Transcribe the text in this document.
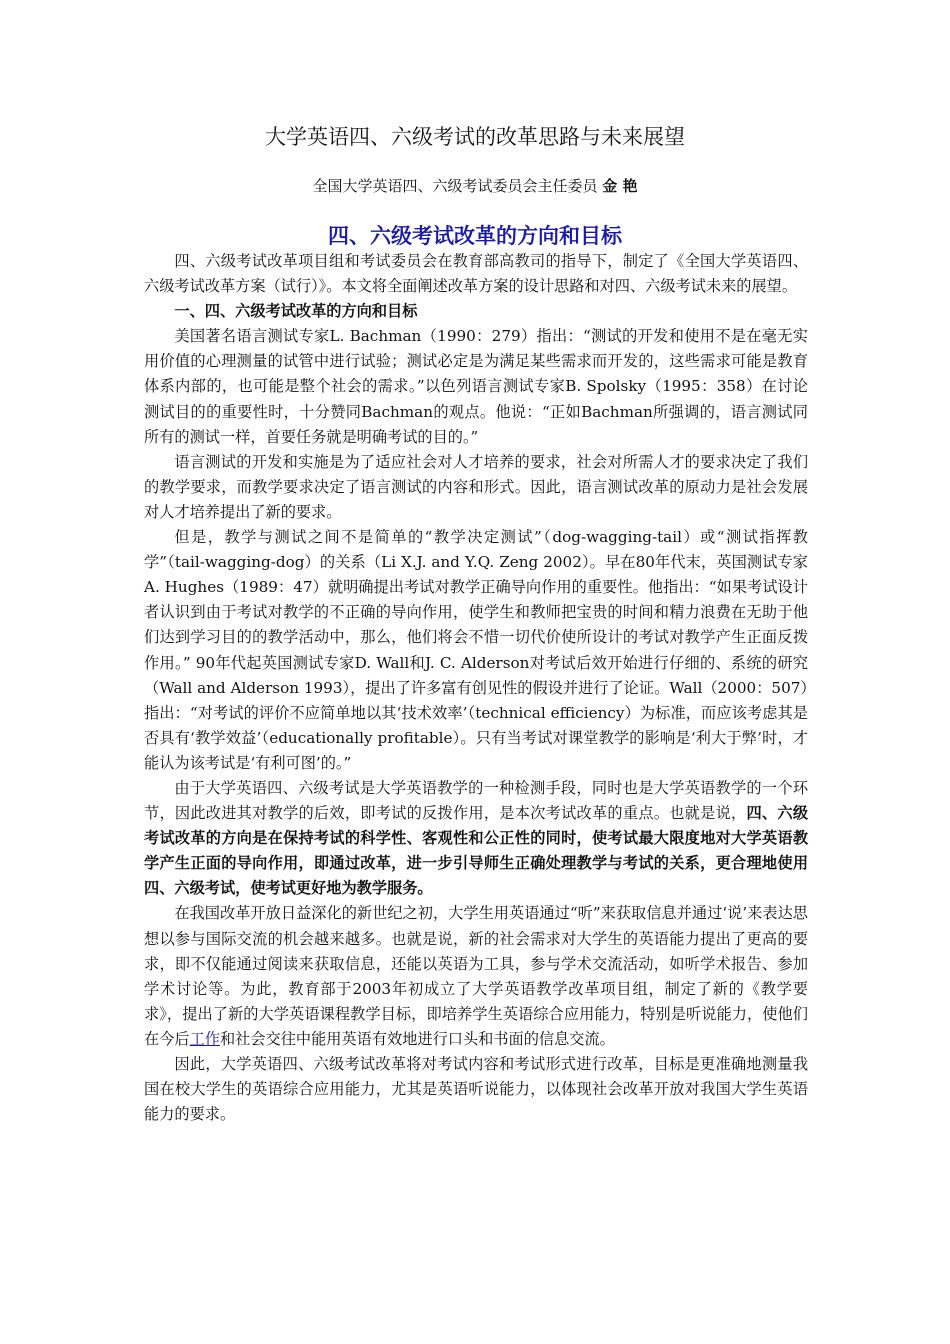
大学英语四、六级考试的改革思路与未来展望
全国大学英语四、六级考试委员会主任委员 金 艳
四、六级考试改革的方向和目标

四、六级考试改革项目组和考试委员会在教育部高教司的指导下，制定了《全国大学英语四、六级考试改革方案（试行）》。本文将全面阐述改革方案的设计思路和对四、六级考试未来的展望。

一、四、六级考试改革的方向和目标

美国著名语言测试专家L. Bachman（1990：279）指出：“测试的开发和使用不是在毫无实用价值的心理测量的试管中进行试验；测试必定是为满足某些需求而开发的，这些需求可能是教育体系内部的，也可能是整个社会的需求。”以色列语言测试专家B. Spolsky（1995：358）在讨论测试目的的重要性时，十分赞同Bachman的观点。他说：“正如Bachman所强调的，语言测试同所有的测试一样，首要任务就是明确考试的目的。”

语言测试的开发和实施是为了适应社会对人才培养的要求，社会对所需人才的要求决定了我们的教学要求，而教学要求决定了语言测试的内容和形式。因此，语言测试改革的原动力是社会发展对人才培养提出了新的要求。

但是，教学与测试之间不是简单的“教学决定测试”（dog-wagging-tail）或“测试指挥教学”（tail-wagging-dog）的关系（Li X.J. and Y.Q. Zeng 2002）。早在80年代末，英国测试专家A. Hughes（1989：47）就明确提出考试对教学正确导向作用的重要性。他指出：“如果考试设计者认识到由于考试对教学的不正确的导向作用，使学生和教师把宝贵的时间和精力浪费在无助于他们达到学习目的的教学活动中，那么，他们将会不惜一切代价使所设计的考试对教学产生正面反拨作用。” 90年代起英国测试专家D. Wall和J. C. Alderson对考试后效开始进行仔细的、系统的研究（Wall and Alderson 1993），提出了许多富有创见性的假设并进行了论证。Wall（2000：507）指出：“对考试的评价不应简单地以其‘技术效率’（technical efficiency）为标准，而应该考虑其是否具有‘教学效益’（educationally profitable）。只有当考试对课堂教学的影响是‘利大于弊’时，才能认为该考试是‘有利可图’的。”

由于大学英语四、六级考试是大学英语教学的一种检测手段，同时也是大学英语教学的一个环节，因此改进其对教学的后效，即考试的反拨作用，是本次考试改革的重点。也就是说，四、六级考试改革的方向是在保持考试的科学性、客观性和公正性的同时，使考试最大限度地对大学英语教学产生正面的导向作用，即通过改革，进一步引导师生正确处理教学与考试的关系，更合理地使用四、六级考试，使考试更好地为教学服务。

在我国改革开放日益深化的新世纪之初，大学生用英语通过“听”来获取信息并通过‘说’来表达思想以参与国际交流的机会越来越多。也就是说，新的社会需求对大学生的英语能力提出了更高的要求，即不仅能通过阅读来获取信息，还能以英语为工具，参与学术交流活动，如听学术报告、参加学术讨论等。为此，教育部于2003年初成立了大学英语教学改革项目组，制定了新的《教学要求》，提出了新的大学英语课程教学目标，即培养学生英语综合应用能力，特别是听说能力，使他们在今后工作和社会交往中能用英语有效地进行口头和书面的信息交流。

因此，大学英语四、六级考试改革将对考试内容和考试形式进行改革，目标是更准确地测量我国在校大学生的英语综合应用能力，尤其是英语听说能力，以体现社会改革开放对我国大学生英语能力的要求。
